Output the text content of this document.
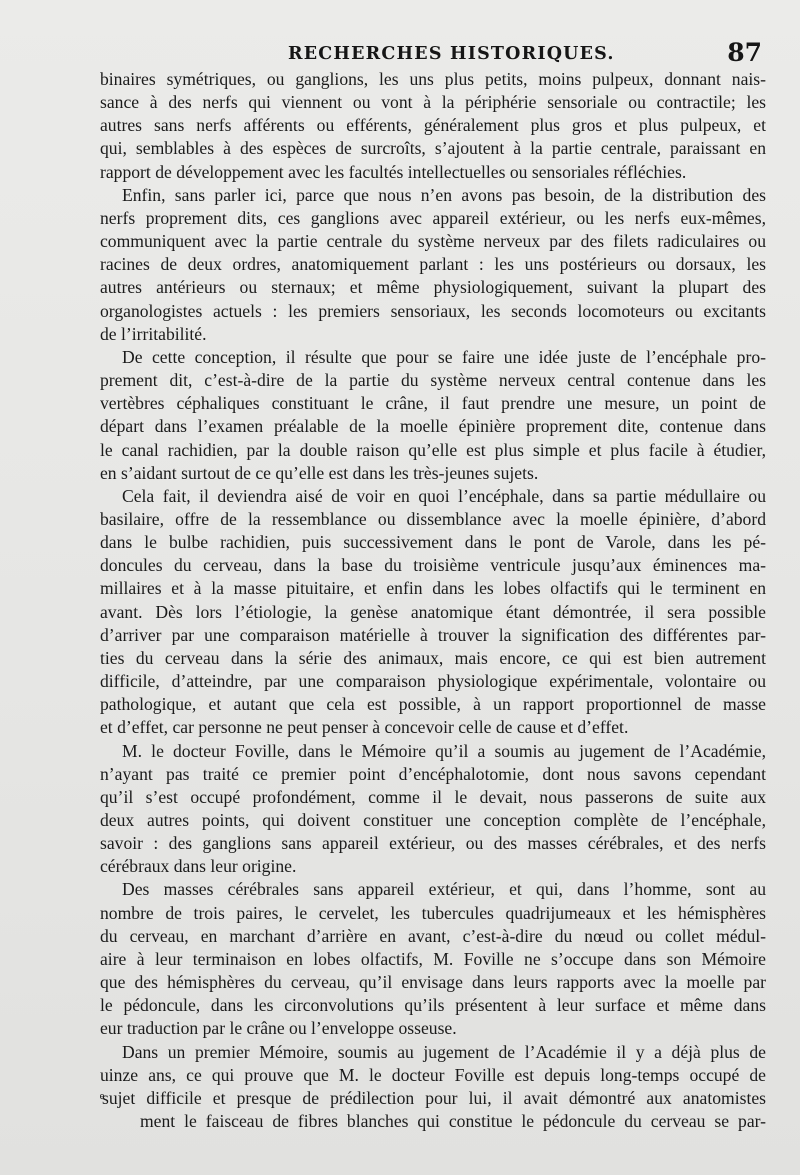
RECHERCHES HISTORIQUES.	87
binaires symétriques, ou ganglions, les uns plus petits, moins pulpeux, donnant nais-
sance à des nerfs qui viennent ou vont à la périphérie sensoriale ou contractile; les
autres sans nerfs afférents ou efférents, généralement plus gros et plus pulpeux, et
qui, semblables à des espèces de surcroîts, s’ajoutent à la partie centrale, paraissant en
rapport de développement avec les facultés intellectuelles ou sensoriales réfléchies.
Enfin, sans parler ici, parce que nous n’en avons pas besoin, de la distribution des
nerfs proprement dits, ces ganglions avec appareil extérieur, ou les nerfs eux-mêmes,
communiquent avec la partie centrale du système nerveux par des filets radiculaires ou
racines de deux ordres, anatomiquement parlant : les uns postérieurs ou dorsaux, les
autres antérieurs ou sternaux; et même physiologiquement, suivant la plupart des
organologistes actuels : les premiers sensoriaux, les seconds locomoteurs ou excitants
de l’irritabilité.
De cette conception, il résulte que pour se faire une idée juste de l’encéphale pro-
prement dit, c’est-à-dire de la partie du système nerveux central contenue dans les
vertèbres céphaliques constituant le crâne, il faut prendre une mesure, un point de
départ dans l’examen préalable de la moelle épinière proprement dite, contenue dans
le canal rachidien, par la double raison qu’elle est plus simple et plus facile à étudier,
en s’aidant surtout de ce qu’elle est dans les très-jeunes sujets.
Cela fait, il deviendra aisé de voir en quoi l’encéphale, dans sa partie médullaire ou
basilaire, offre de la ressemblance ou dissemblance avec la moelle épinière, d’abord
dans le bulbe rachidien, puis successivement dans le pont de Varole, dans les pé-
doncules du cerveau, dans la base du troisième ventricule jusqu’aux éminences ma-
millaires et à la masse pituitaire, et enfin dans les lobes olfactifs qui le terminent en
avant. Dès lors l’étiologie, la genèse anatomique étant démontrée, il sera possible
d’arriver par une comparaison matérielle à trouver la signification des différentes par-
ties du cerveau dans la série des animaux, mais encore, ce qui est bien autrement
difficile, d’atteindre, par une comparaison physiologique expérimentale, volontaire ou
pathologique, et autant que cela est possible, à un rapport proportionnel de masse
et d’effet, car personne ne peut penser à concevoir celle de cause et d’effet.
M. le docteur Foville, dans le Mémoire qu’il a soumis au jugement de l’Académie,
n’ayant pas traité ce premier point d’encéphalotomie, dont nous savons cependant
qu’il s’est occupé profondément, comme il le devait, nous passerons de suite aux
deux autres points, qui doivent constituer une conception complète de l’encéphale,
savoir : des ganglions sans appareil extérieur, ou des masses cérébrales, et des nerfs
cérébraux dans leur origine.
Des masses cérébrales sans appareil extérieur, et qui, dans l’homme, sont au
nombre de trois paires, le cervelet, les tubercules quadrijumeaux et les hémisphères
du cerveau, en marchant d’arrière en avant, c’est-à-dire du nœud ou collet médul-
aire à leur terminaison en lobes olfactifs, M. Foville ne s’occupe dans son Mémoire
que des hémisphères du cerveau, qu’il envisage dans leurs rapports avec la moelle par
le pédoncule, dans les circonvolutions qu’ils présentent à leur surface et même dans
eur traduction par le crâne ou l’enveloppe osseuse.
Dans un premier Mémoire, soumis au jugement de l’Académie il y a déjà plus de
uinze ans, ce qui prouve que M. le docteur Foville est depuis long-temps occupé de
ͤsujet difficile et presque de prédilection pour lui, il avait démontré aux anatomistes
ment le faisceau de fibres blanches qui constitue le pédoncule du cerveau se par-
